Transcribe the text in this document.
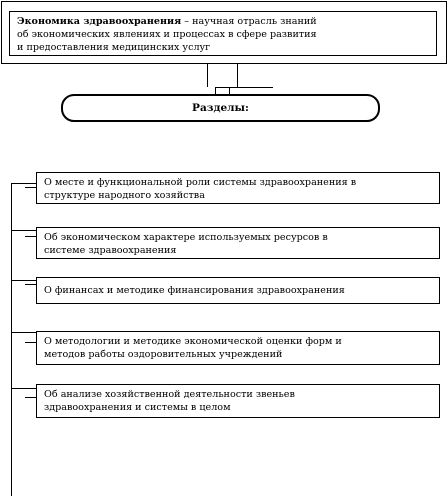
Экономика здравоохранения – научная отрасль знаний
об экономических явлениях и процессах в сфере развития
и предоставления медицинских услуг
Разделы:
О месте и функциональной роли системы здравоохранения в
структуре народного хозяйства
Об экономическом характере используемых ресурсов в
системе здравоохранения
О финансах и методике финансирования здравоохранения
О методологии и методике экономической оценки форм и
методов работы оздоровительных учреждений
Об анализе хозяйственной деятельности звеньев
здравоохранения и системы в целом
